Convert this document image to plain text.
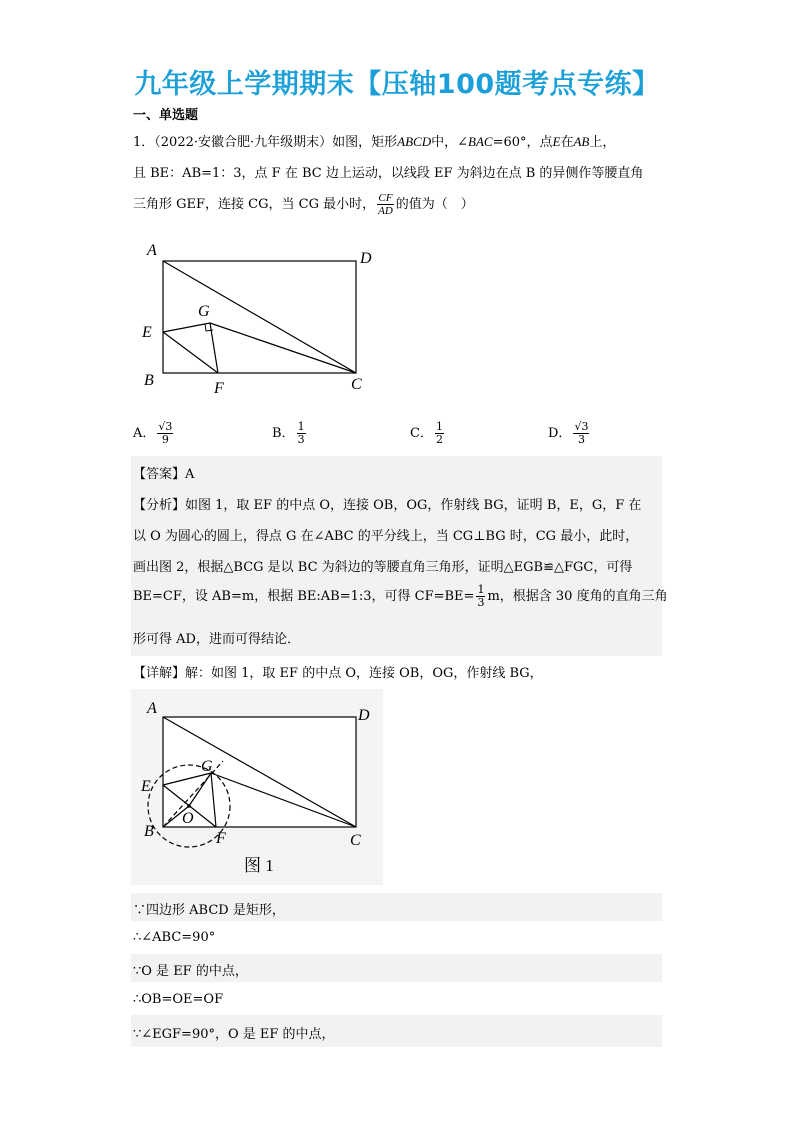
九年级上学期期末【压轴100题考点专练】
一、单选题
1．（2022·安徽合肥·九年级期末）如图，矩形ABCD中，∠BAC=60°，点E在AB上，
且 BE：AB=1：3，点 F 在 BC 边上运动，以线段 EF 为斜边在点 B 的异侧作等腰直角
三角形 GEF，连接 CG，当 CG 最小时， $\frac{CF}{AD}$ 的值为（　）
A	D
G
E
B	F	C
A． $\frac{√3}{9}$	B． $\frac{1}{3}$	C． $\frac{1}{2}$	D． $\frac{√3}{3}$
【答案】A
【分析】如图 1，取 EF 的中点 O，连接 OB，OG，作射线 BG，证明 B，E，G，F 在
以 O 为圆心的圆上，得点 G 在∠ABC 的平分线上，当 CG⊥BG 时，CG 最小，此时，
画出图 2，根据△BCG 是以 BC 为斜边的等腰直角三角形，证明△EGB≌△FGC，可得
BE=CF，设 AB=m，根据 BE:AB=1:3，可得 $CF=BE= \frac{1}{3}$ m，根据含 30 度角的直角三角
形可得 AD，进而可得结论．
【详解】解：如图 1，取 EF 的中点 O，连接 OB，OG，作射线 BG，
A	D
G
E
O
B	F	C
图 1
∵四边形 ABCD 是矩形，
∴∠ABC=90°
∵O 是 EF 的中点，
∴OB=OE=OF
∵∠EGF=90°，O 是 EF 的中点，
